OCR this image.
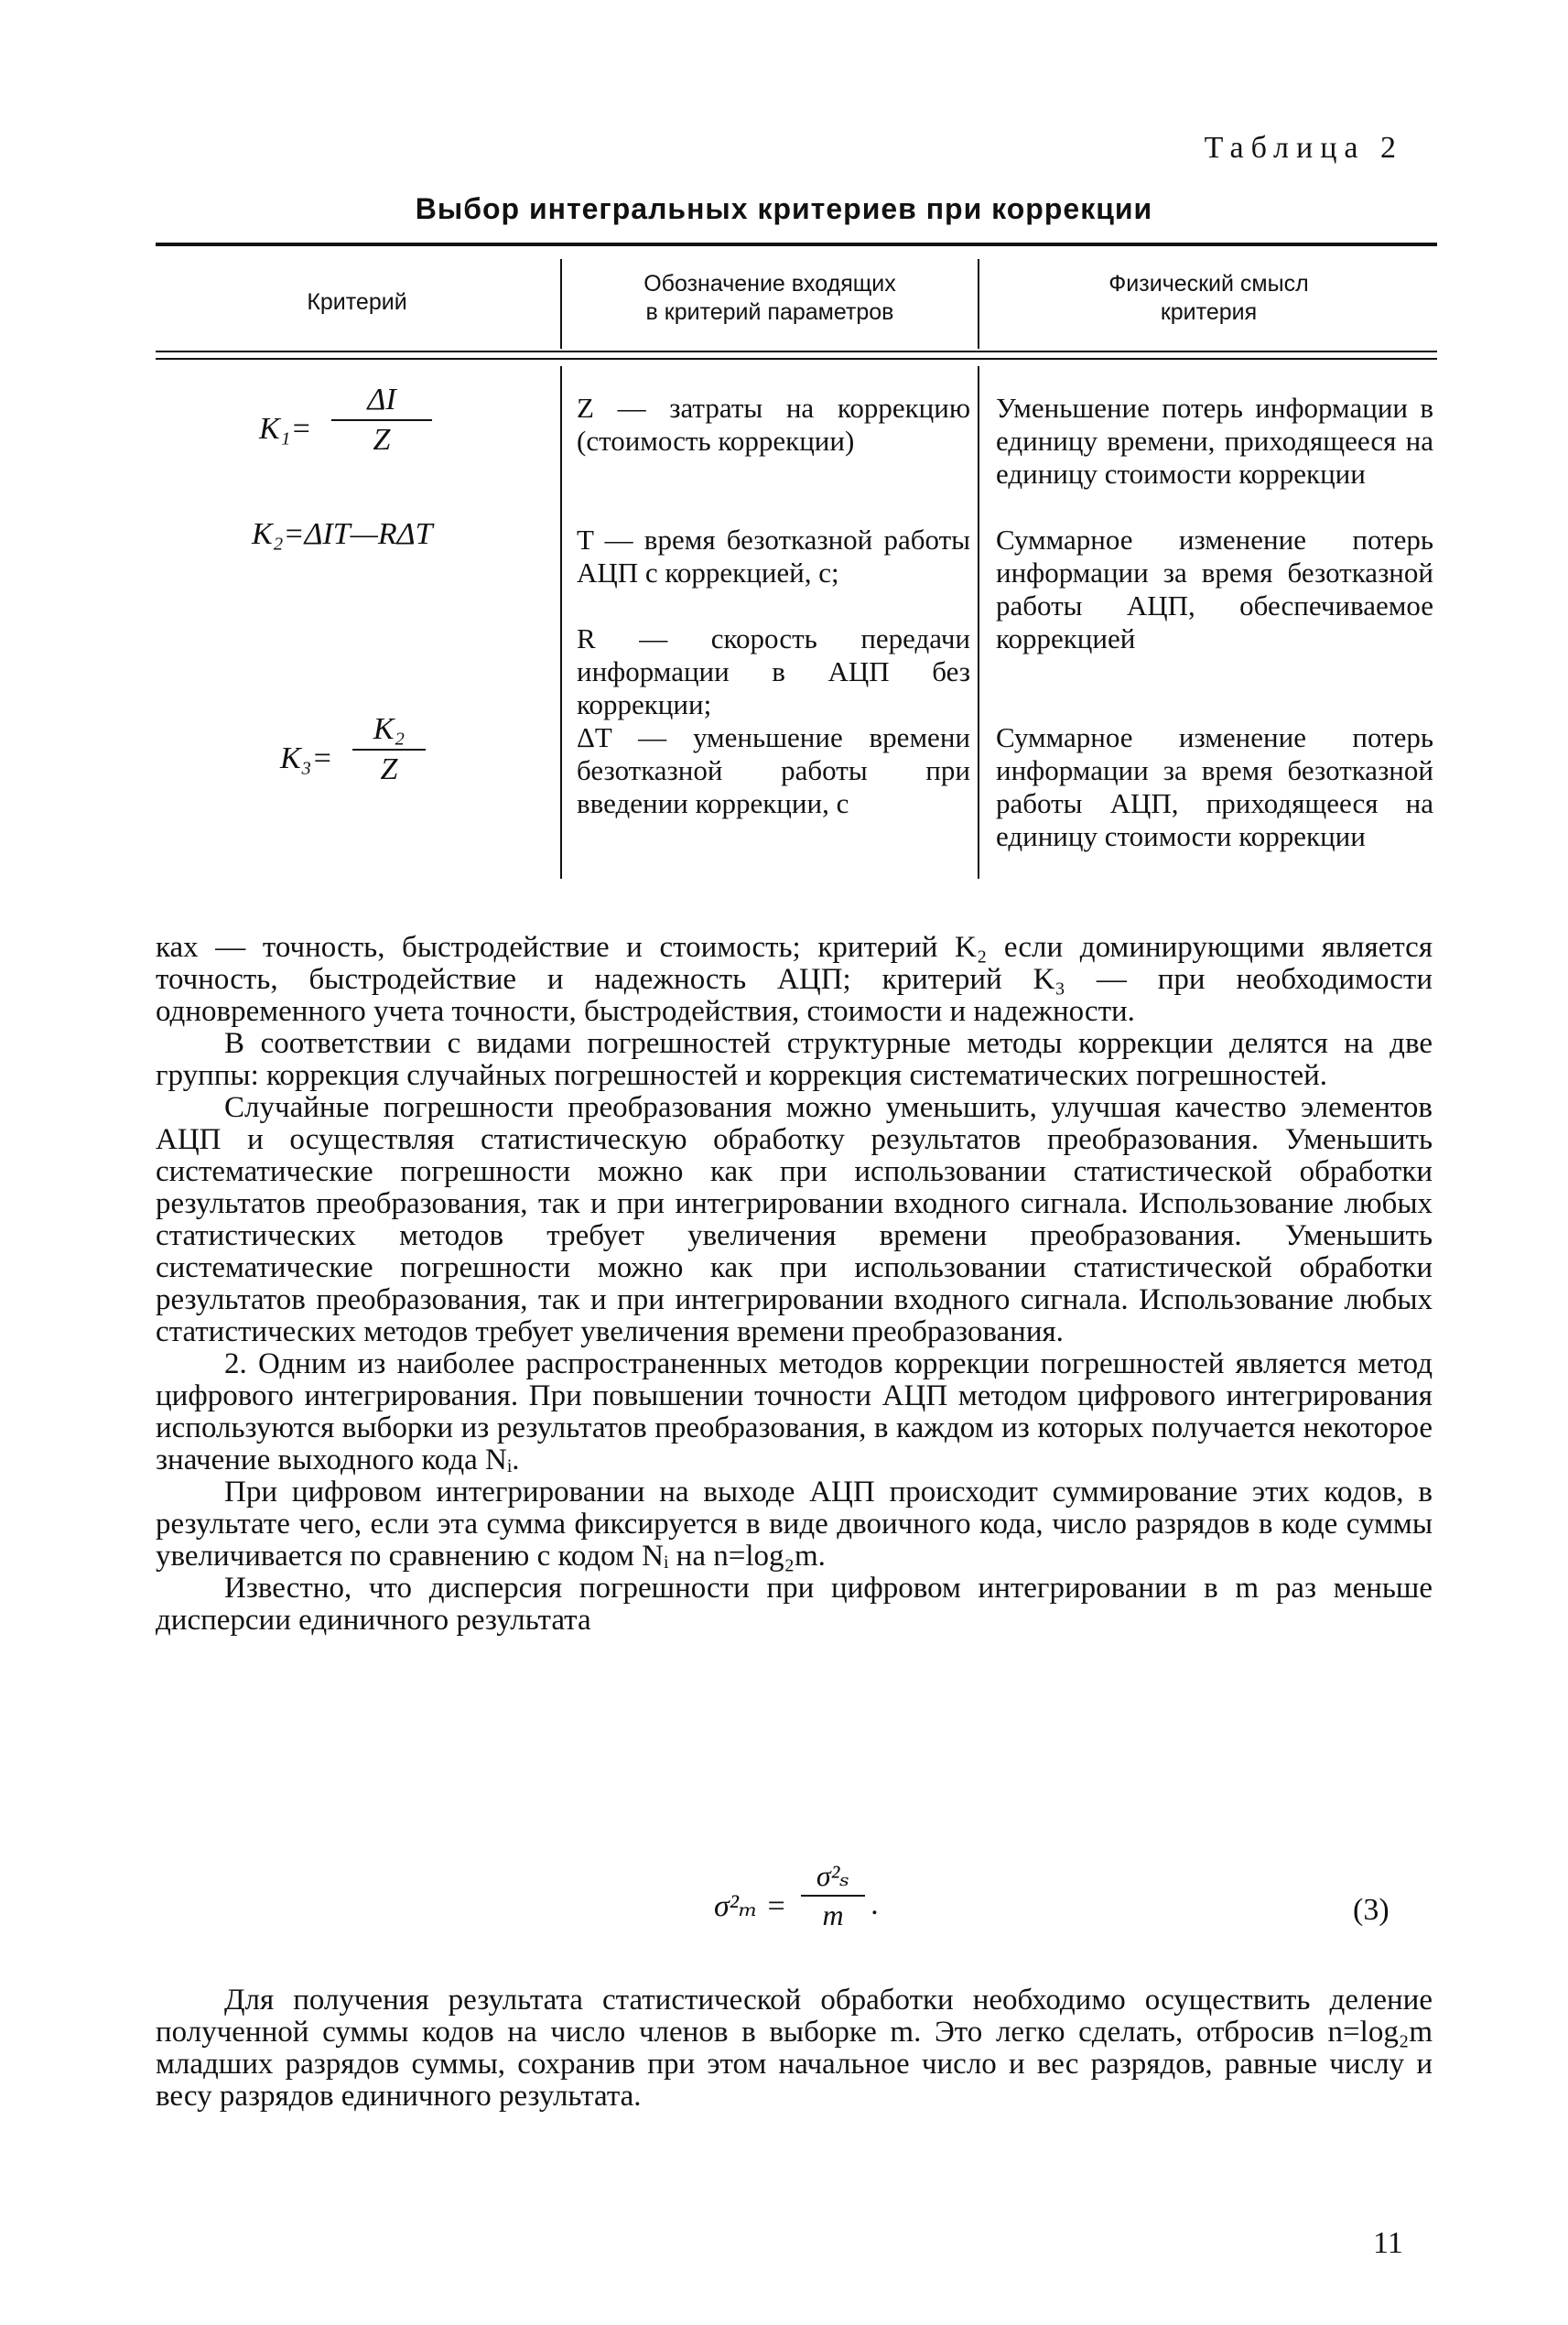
Таблица 2
Выбор интегральных критериев при коррекции
Критерий
Обозначение входящих
в критерий параметров
Физический смысл
критерия
$K_1= \frac{\Delta I}{Z}$
K₂=ΔIT—RΔT
$K_3= \frac{\text{K₂}}{Z}$
Z — затраты на коррекцию (стоимость коррекции)
T — время безотказной работы АЦП с коррекцией, с;
R — скорость передачи информации в АЦП без коррекции;
ΔT — уменьшение времени безотказной работы при введении коррекции, с
Уменьшение потерь информации в единицу времени, приходящееся на единицу стоимости коррекции
Суммарное изменение потерь информации за время безотказной работы АЦП, обеспечиваемое коррекцией
Суммарное изменение потерь информации за время безотказной работы АЦП, приходящееся на единицу стоимости коррекции

ках — точность, быстродействие и стоимость; критерий K₂ если доминирующими является точность, быстродействие и надежность АЦП; критерий K₃ — при необходимости одновременного учета точности, быстродействия, стоимости и надежности.

В соответствии с видами погрешностей структурные методы коррекции делятся на две группы: коррекция случайных погрешностей и коррекция систематических погрешностей.

Случайные погрешности преобразования можно уменьшить, улучшая качество элементов АЦП и осуществляя статистическую обработку результатов преобразования. Уменьшить систематические погрешности можно как при использовании статистической обработки результатов преобразования, так и при интегрировании входного сигнала. Использование любых статистических методов требует увеличения времени преобразования. Уменьшить систематические погрешности можно как при использовании статистической обработки результатов преобразования, так и при интегрировании входного сигнала. Использование любых статистических методов требует увеличения времени преобразования.

2. Одним из наиболее распространенных методов коррекции погрешностей является метод цифрового интегрирования. При повышении точности АЦП методом цифрового интегрирования используются выборки из результатов преобразования, в каждом из которых получается некоторое значение выходного кода Nᵢ.

При цифровом интегрировании на выходе АЦП происходит суммирование этих кодов, в результате чего, если эта сумма фиксируется в виде двоичного кода, число разрядов в коде суммы увеличивается по сравнению с кодом Nᵢ на n=log₂m.

Известно, что дисперсия погрешности при цифровом интегрировании в m раз меньше дисперсии единичного результата

$\sigma^2_m = \frac{\text{σ²ₛ}}{m}$ .	(3)

Для получения результата статистической обработки необходимо осуществить деление полученной суммы кодов на число членов в выборке m. Это легко сделать, отбросив n=log₂m младших разрядов суммы, сохранив при этом начальное число и вес разрядов, равные числу и весу разрядов единичного результата.

11
